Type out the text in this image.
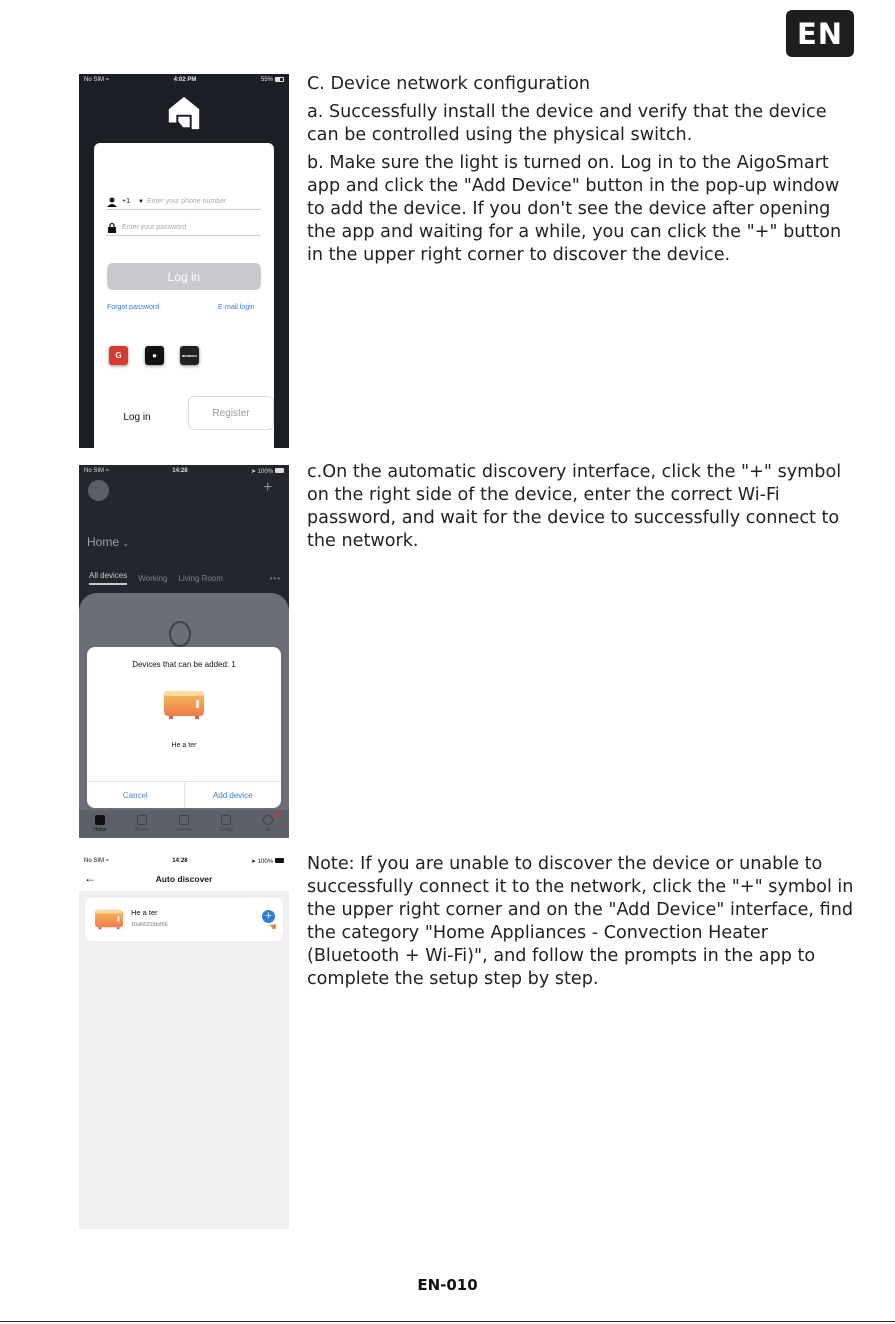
EN

C. Device network configuration

a. Successfully install the device and verify that the device can be controlled using the physical switch.

b. Make sure the light is turned on. Log in to the AigoSmart app and click the "Add Device" button in the pop-up window to add the device. If you don't see the device after opening the app and waiting for a while, you can click the "+" button in the upper right corner to discover the device.

c.On the automatic discovery interface, click the "+" symbol on the right side of the device, enter the correct Wi-Fi password, and wait for the device to successfully connect to the network.

Note: If you are unable to discover the device or unable to successfully connect it to the network, click the "+" symbol in the upper right corner and on the "Add Device" interface, find the category "Home Appliances - Convection Heater (Bluetooth + Wi-Fi)", and follow the prompts in the app to complete the setup step by step.

No SIM ≈	4:02 PM	55%
+1 ▼ Enter your phone number
Enter your password
Log in
Forgot password	E-mail login
G	●	amazon
Log in	Register
No SIM ≈	14:28	➤ 100%
+
Home ⌄
All devices Working Living Room	•••
Devices that can be added: 1
He a ter
Cancel	Add device
Home	Scene	Events	Group	Me
No SIM ≈	14:28	➤ 100%
Auto discover
←
He a ter
10a56203bd56
+
☚
EN-010
